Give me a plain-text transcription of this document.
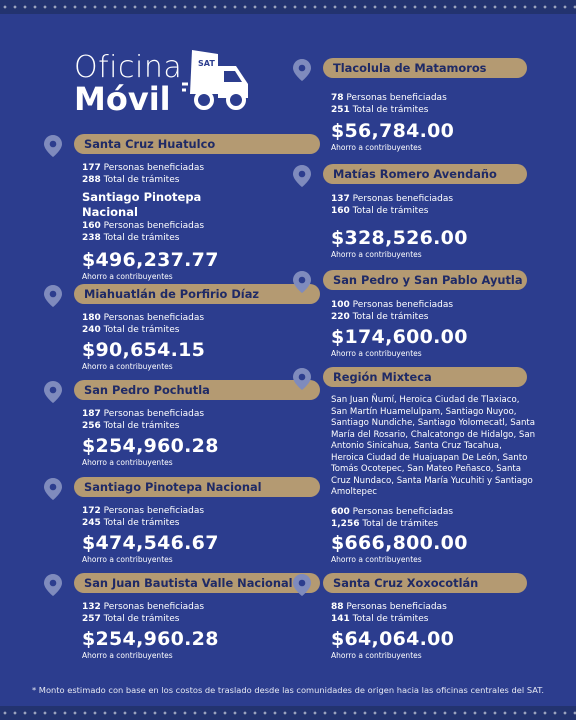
Oficina
Móvil
SAT
Santa Cruz Huatulco
177 Personas beneficiadas
288 Total de trámites
Santiago Pinotepa Nacional
160 Personas beneficiadas
238 Total de trámites
$496,237.77
Ahorro a contribuyentes
Miahuatlán de Porfirio Díaz
180 Personas beneficiadas
240 Total de trámites
$90,654.15
Ahorro a contribuyentes
San Pedro Pochutla
187 Personas beneficiadas
256 Total de trámites
$254,960.28
Ahorro a contribuyentes
Santiago Pinotepa Nacional
172 Personas beneficiadas
245 Total de trámites
$474,546.67
Ahorro a contribuyentes
San Juan Bautista Valle Nacional
132 Personas beneficiadas
257 Total de trámites
$254,960.28
Ahorro a contribuyentes
Tlacolula de Matamoros
78 Personas beneficiadas
251 Total de trámites
$56,784.00
Ahorro a contribuyentes
Matías Romero Avendaño
137 Personas beneficiadas
160 Total de trámites
$328,526.00
Ahorro a contribuyentes
San Pedro y San Pablo Ayutla
100 Personas beneficiadas
220 Total de trámites
$174,600.00
Ahorro a contribuyentes
Región Mixteca
San Juan Ñumí, Heroica Ciudad de Tlaxiaco, San Martín Huamelulpam, Santiago Nuyoo, Santiago Nundiche, Santiago Yolomecatl, Santa María del Rosario, Chalcatongo de Hidalgo, San Antonio Sinicahua, Santa Cruz Tacahua, Heroica Ciudad de Huajuapan De León, Santo Tomás Ocotepec, San Mateo Peñasco, Santa Cruz Nundaco, Santa María Yucuhiti y Santiago Amoltepec
600 Personas beneficiadas
1,256 Total de trámites
$666,800.00
Ahorro a contribuyentes
Santa Cruz Xoxocotlán
88 Personas beneficiadas
141 Total de trámites
$64,064.00
Ahorro a contribuyentes
* Monto estimado con base en los costos de traslado desde las comunidades de origen hacia las oficinas centrales del SAT.
